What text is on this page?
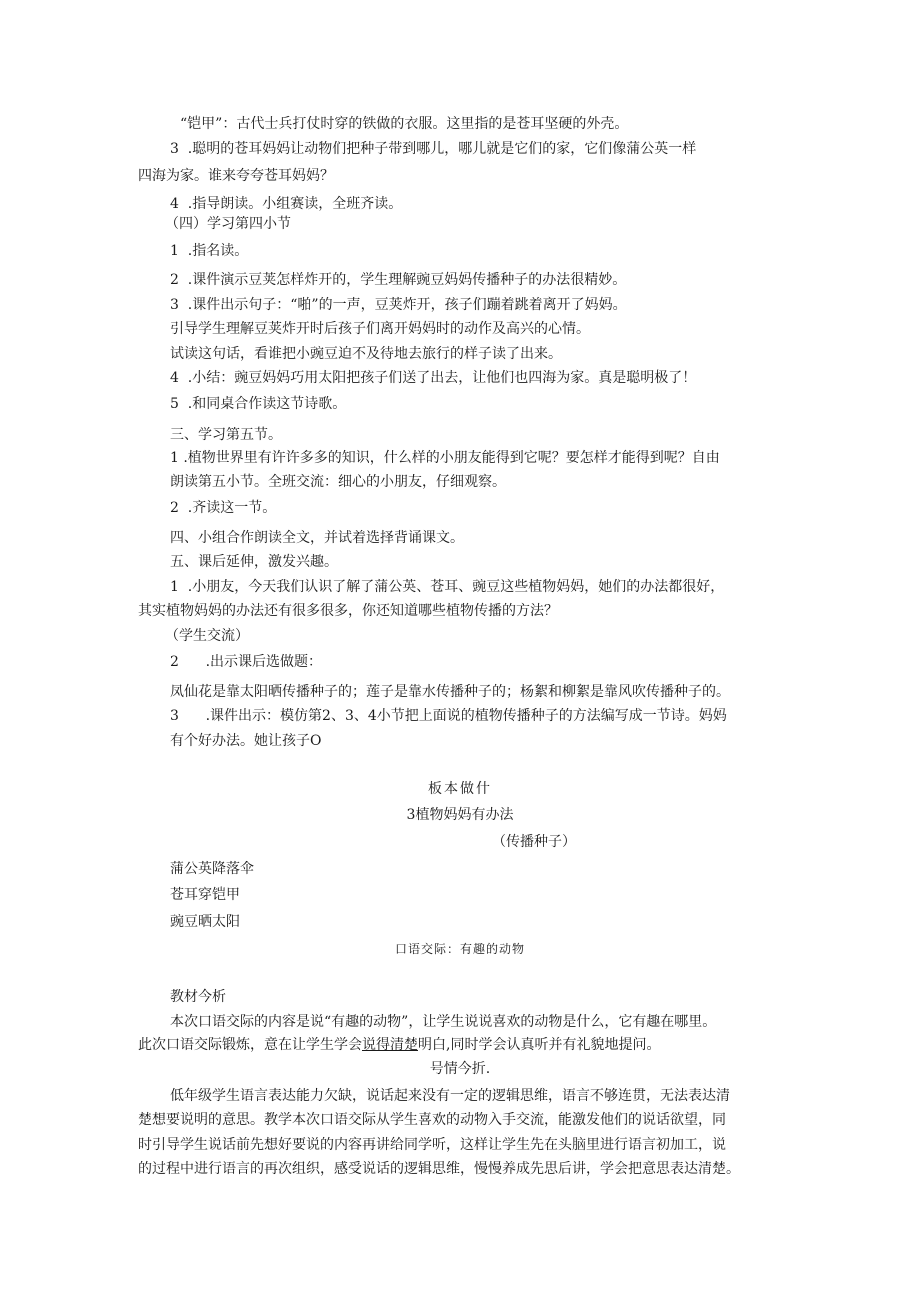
“铠甲”：古代士兵打仗时穿的铁做的衣服。这里指的是苍耳坚硬的外壳。
3  .聪明的苍耳妈妈让动物们把种子带到哪儿，哪儿就是它们的家，它们像蒲公英一样
四海为家。谁来夸夸苍耳妈妈？
4  .指导朗读。小组赛读，全班齐读。
（四）学习第四小节
1  .指名读。
2  .课件演示豆荚怎样炸开的，学生理解豌豆妈妈传播种子的办法很精妙。
3  .课件出示句子：“啪”的一声，豆荚炸开，孩子们蹦着跳着离开了妈妈。
引导学生理解豆荚炸开时后孩子们离开妈妈时的动作及高兴的心情。
试读这句话，看谁把小豌豆迫不及待地去旅行的样子读了出来。
4  .小结：豌豆妈妈巧用太阳把孩子们送了出去，让他们也四海为家。真是聪明极了！
5  .和同桌合作读这节诗歌。
三、学习第五节。
1 .植物世界里有许许多多的知识，什么样的小朋友能得到它呢？要怎样才能得到呢？自由
朗读第五小节。全班交流：细心的小朋友，仔细观察。
2  .齐读这一节。
四、小组合作朗读全文，并试着选择背诵课文。
五、课后延伸，激发兴趣。
1  .小朋友，今天我们认识了解了蒲公英、苍耳、豌豆这些植物妈妈，她们的办法都很好，
其实植物妈妈的办法还有很多很多，你还知道哪些植物传播的方法？
（学生交流）
2      .出示课后选做题：
凤仙花是靠太阳晒传播种子的；莲子是靠水传播种子的；杨絮和柳絮是靠风吹传播种子的。
3      .课件出示：模仿第2、3、4小节把上面说的植物传播种子的方法编写成一节诗。妈妈
有个好办法。她让孩子O
板本做什
3植物妈妈有办法
（传播种子）
蒲公英降落伞
苍耳穿铠甲
豌豆晒太阳
口语交际：有趣的动物
教材今析
本次口语交际的内容是说“有趣的动物”，让学生说说喜欢的动物是什么，它有趣在哪里。
此次口语交际锻炼，意在让学生学会说得清楚明白,同时学会认真听并有礼貌地提问。
号情今折.
低年级学生语言表达能力欠缺，说话起来没有一定的逻辑思维，语言不够连贯，无法表达清
楚想要说明的意思。教学本次口语交际从学生喜欢的动物入手交流，能激发他们的说话欲望，同
时引导学生说话前先想好要说的内容再讲给同学听，这样让学生先在头脑里进行语言初加工，说
的过程中进行语言的再次组织，感受说话的逻辑思维，慢慢养成先思后讲，学会把意思表达清楚。
